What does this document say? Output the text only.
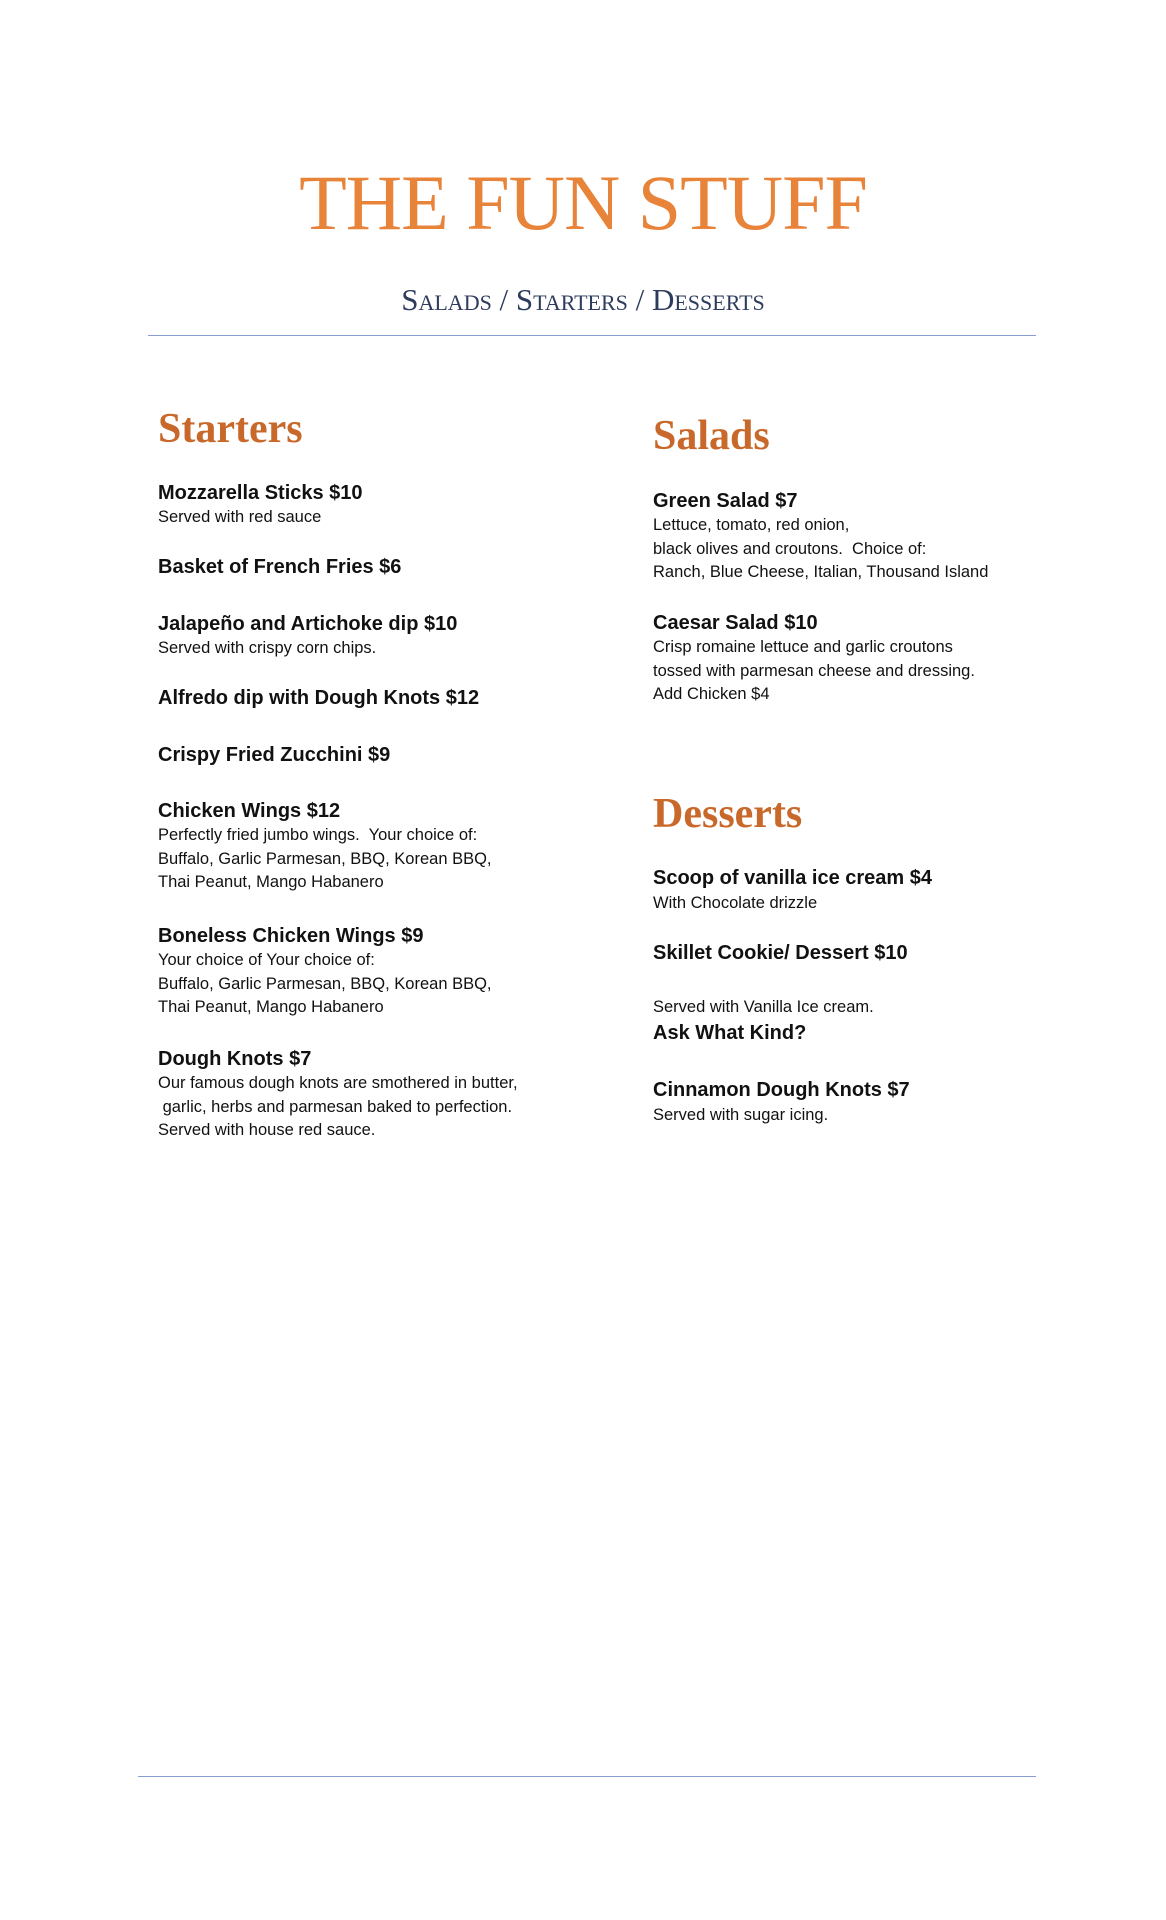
THE FUN STUFF
Salads / Starters / Desserts
Starters
Mozzarella Sticks $10
Served with red sauce
Basket of French Fries $6
Jalapeño and Artichoke dip $10
Served with crispy corn chips.
Alfredo dip with Dough Knots $12
Crispy Fried Zucchini $9
Chicken Wings $12
Perfectly fried jumbo wings.  Your choice of:
Buffalo, Garlic Parmesan, BBQ, Korean BBQ,
Thai Peanut, Mango Habanero
Boneless Chicken Wings $9
Your choice of Your choice of:
Buffalo, Garlic Parmesan, BBQ, Korean BBQ,
Thai Peanut, Mango Habanero
Dough Knots $7
Our famous dough knots are smothered in butter,
garlic, herbs and parmesan baked to perfection.
Served with house red sauce.
Salads
Green Salad $7
Lettuce, tomato, red onion,
black olives and croutons.  Choice of:
Ranch, Blue Cheese, Italian, Thousand Island
Caesar Salad $10
Crisp romaine lettuce and garlic croutons
tossed with parmesan cheese and dressing.
Add Chicken $4
Desserts
Scoop of vanilla ice cream $4
With Chocolate drizzle
Skillet Cookie/ Dessert $10
Served with Vanilla Ice cream.
Ask What Kind?
Cinnamon Dough Knots $7
Served with sugar icing.
